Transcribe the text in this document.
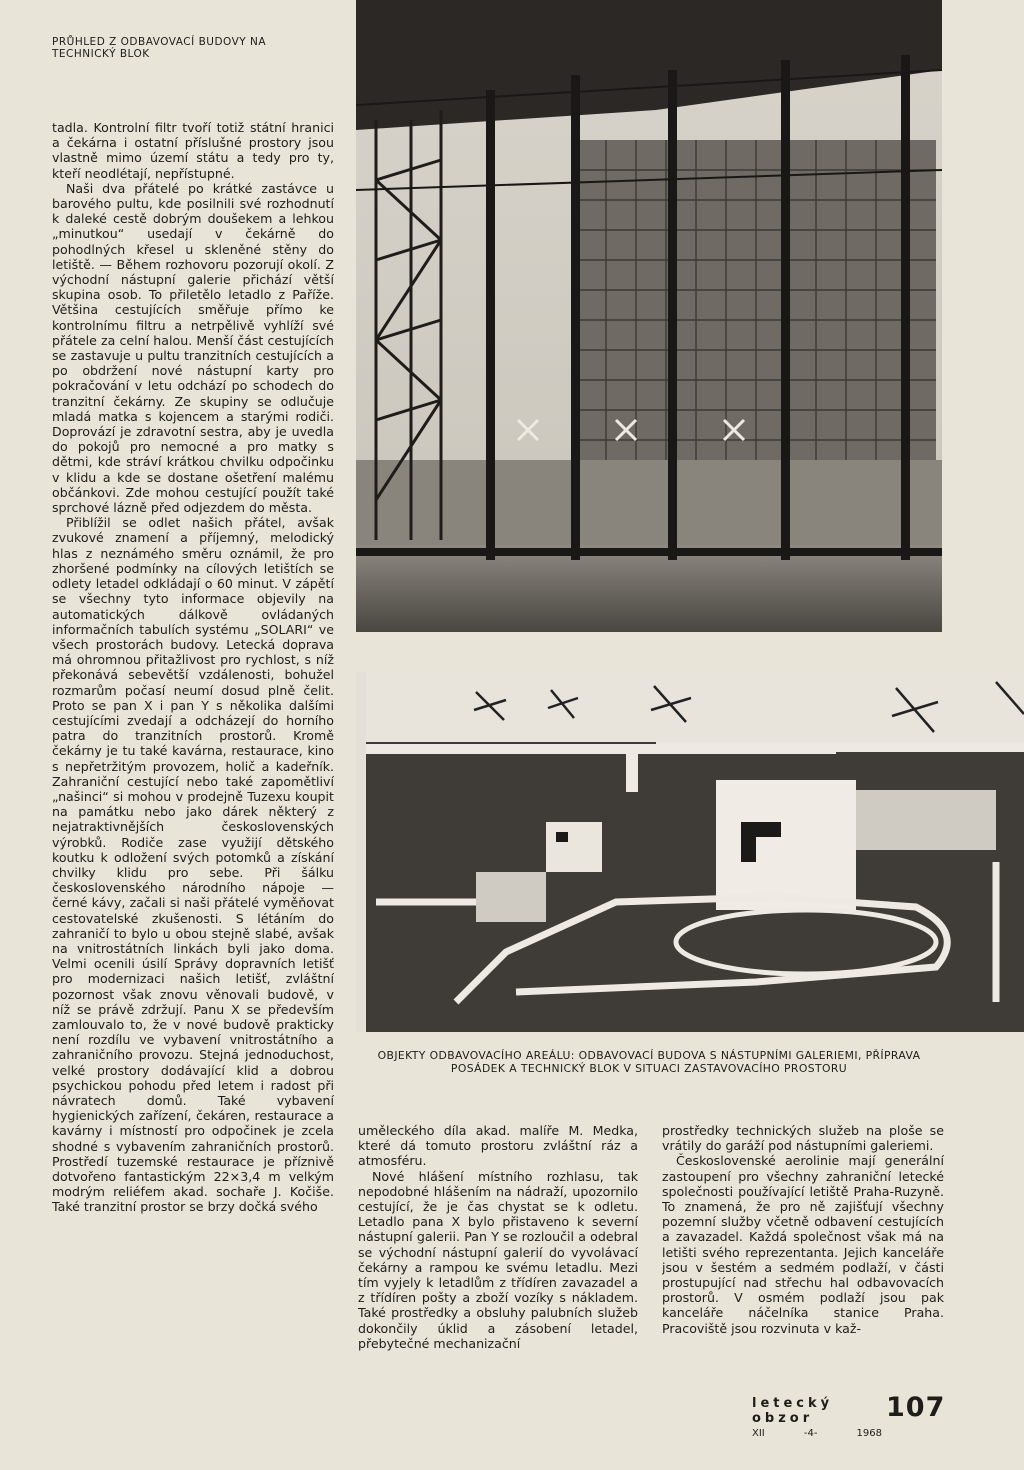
PRŮHLED Z ODBAVOVACÍ BUDOVY NA TECHNICKÝ BLOK

tadla. Kontrolní filtr tvoří totiž státní hranici a čekárna i ostatní příslušné prostory jsou vlastně mimo území státu a tedy pro ty, kteří neodlétají, nepřístupné.

Naši dva přátelé po krátké zastávce u barového pultu, kde posilnili své rozhodnutí k daleké cestě dobrým doušekem a lehkou „minutkou“ usedají v čekárně do pohodlných křesel u skleněné stěny do letiště. — Během rozhovoru pozorují okolí. Z východní nástupní galerie přichází větší skupina osob. To přiletělo letadlo z Paříže. Většina cestujících směřuje přímo ke kontrolnímu filtru a netrpělivě vyhlíží své přátele za celní halou. Menší část cestujících se zastavuje u pultu tranzitních cestujících a po obdržení nové nástupní karty pro pokračování v letu odchází po schodech do tranzitní čekárny. Ze skupiny se odlučuje mladá matka s kojencem a starými rodiči. Doprovází je zdravotní sestra, aby je uvedla do pokojů pro nemocné a pro matky s dětmi, kde stráví krátkou chvilku odpočinku v klidu a kde se dostane ošetření malému občánkovi. Zde mohou cestující použít také sprchové lázně před odjezdem do města.

Přiblížil se odlet našich přátel, avšak zvukové znamení a příjemný, melodický hlas z neznámého směru oznámil, že pro zhoršené podmínky na cílových letištích se odlety letadel odkládají o 60 minut. V zápětí se všechny tyto informace objevily na automatických dálkově ovládaných informačních tabulích systému „SOLARI“ ve všech prostorách budovy. Letecká doprava má ohromnou přitažlivost pro rychlost, s níž překonává sebevětší vzdálenosti, bohužel rozmarům počasí neumí dosud plně čelit. Proto se pan X i pan Y s několika dalšími cestujícími zvedají a odcházejí do horního patra do tranzitních prostorů. Kromě čekárny je tu také kavárna, restaurace, kino s nepřetržitým provozem, holič a kadeřník. Zahraniční cestující nebo také zapomětliví „našinci“ si mohou v prodejně Tuzexu koupit na památku nebo jako dárek některý z nejatraktivnějších československých výrobků. Rodiče zase využijí dětského koutku k odložení svých potomků a získání chvilky klidu pro sebe. Při šálku československého národního nápoje — černé kávy, začali si naši přátelé vyměňovat cestovatelské zkušenosti. S létáním do zahraničí to bylo u obou stejně slabé, avšak na vnitrostátních linkách byli jako doma. Velmi ocenili úsilí Správy dopravních letišť pro modernizaci našich letišť, zvláštní pozornost však znovu věnovali budově, v níž se právě zdržují. Panu X se především zamlouvalo to, že v nové budově prakticky není rozdílu ve vybavení vnitrostátního a zahraničního provozu. Stejná jednoduchost, velké prostory dodávající klid a dobrou psychickou pohodu před letem i radost při návratech domů. Také vybavení hygienických zařízení, čekáren, restaurace a kavárny i místností pro odpočinek je zcela shodné s vybavením zahraničních prostorů. Prostředí tuzemské restaurace je příznivě dotvořeno fantastickým 22×3,4 m velkým modrým reliéfem akad. sochaře J. Kočiše. Také tranzitní prostor se brzy dočká svého

OBJEKTY ODBAVOVACÍHO AREÁLU: ODBAVOVACÍ BUDOVA S NÁSTUPNÍMI GALERIEMI, PŘÍPRAVA POSÁDEK A TECHNICKÝ BLOK V SITUACI ZASTAVOVACÍHO PROSTORU

uměleckého díla akad. malíře M. Medka, které dá tomuto prostoru zvláštní ráz a atmosféru.

Nové hlášení místního rozhlasu, tak nepodobné hlášením na nádraží, upozornilo cestující, že je čas chystat se k odletu. Letadlo pana X bylo přistaveno k severní nástupní galerii. Pan Y se rozloučil a odebral se východní nástupní galerií do vyvolávací čekárny a rampou ke svému letadlu. Mezi tím vyjely k letadlům z třídíren zavazadel a z třídíren pošty a zboží vozíky s nákladem. Také prostředky a obsluhy palubních služeb dokončily úklid a zásobení letadel, přebytečné mechanizační

prostředky technických služeb na ploše se vrátily do garáží pod nástupními galeriemi.

Československé aerolinie mají generální zastoupení pro všechny zahraniční letecké společnosti používající letiště Praha-Ruzyně. To znamená, že pro ně zajišťují všechny pozemní služby včetně odbavení cestujících a zavazadel. Každá společnost však má na letišti svého reprezentanta. Jejich kanceláře jsou v šestém a sedmém podlaží, v části prostupující nad střechu hal odbavovacích prostorů. V osmém podlaží jsou pak kanceláře náčelníka stanice Praha. Pracoviště jsou rozvinuta v kaž-

letecký obzor
XII	-4-	1968
107
